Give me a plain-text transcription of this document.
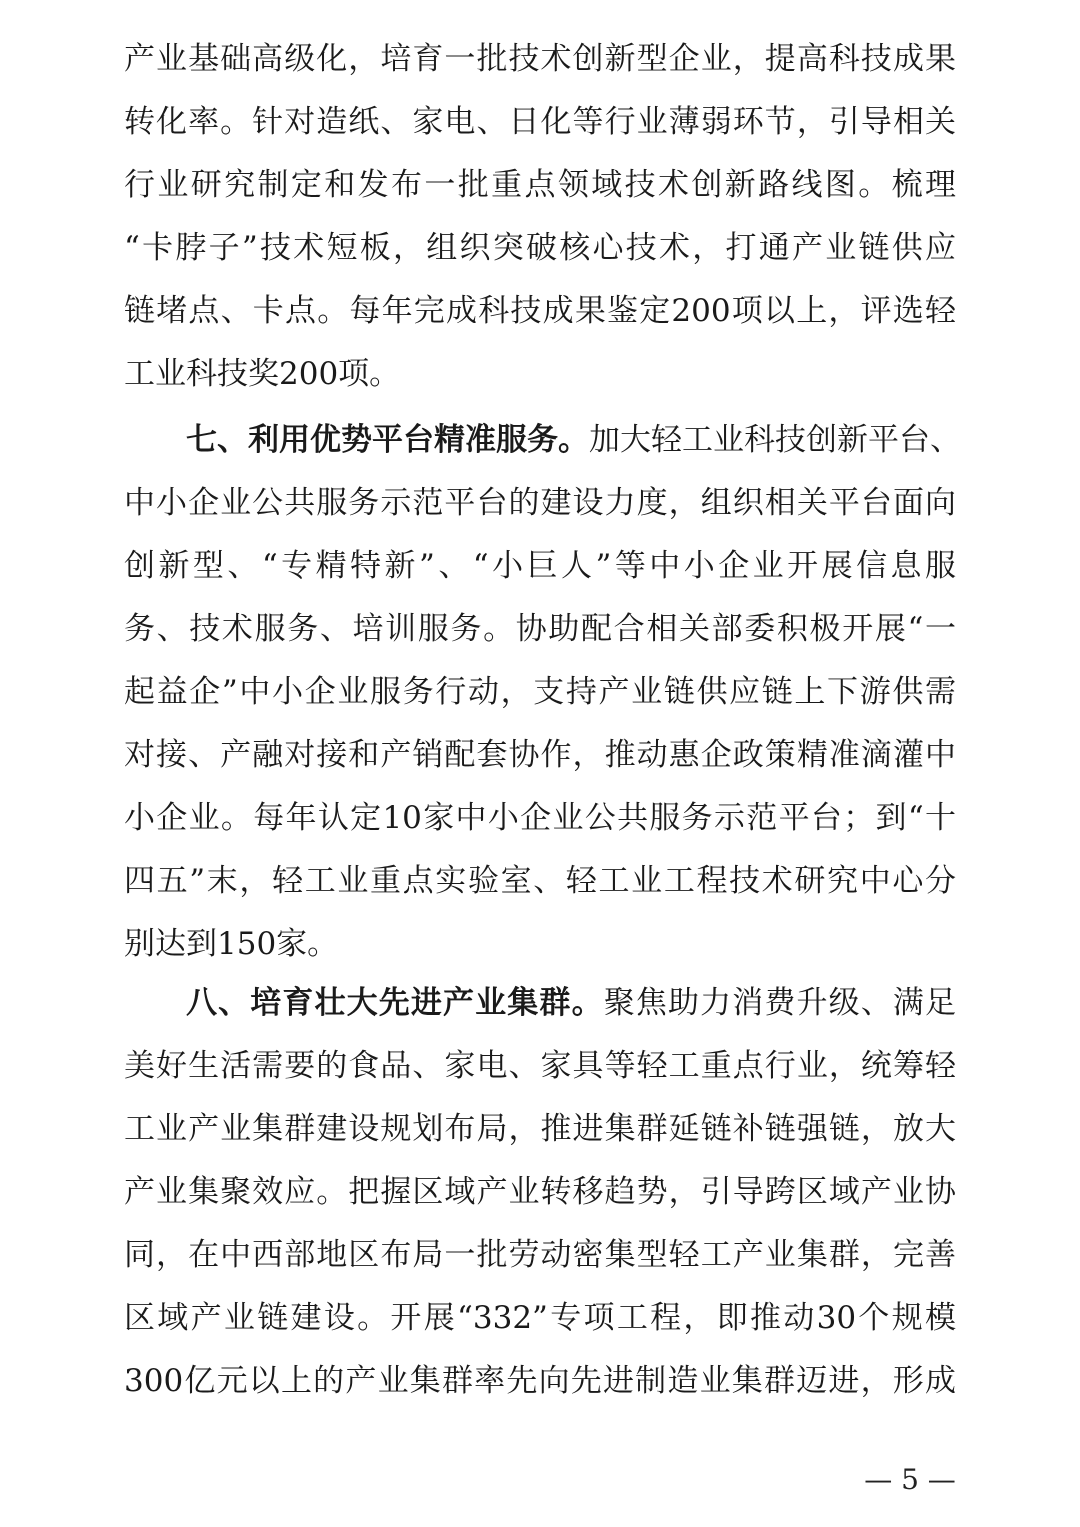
产业基础高级化，培育一批技术创新型企业，提高科技成果
转化率。针对造纸、家电、日化等行业薄弱环节，引导相关
行业研究制定和发布一批重点领域技术创新路线图。梳理
“卡脖子”技术短板，组织突破核心技术，打通产业链供应
链堵点、卡点。每年完成科技成果鉴定200项以上，评选轻
工业科技奖200项。
七、利用优势平台精准服务。加大轻工业科技创新平台、
中小企业公共服务示范平台的建设力度，组织相关平台面向
创新型、“专精特新”、“小巨人”等中小企业开展信息服
务、技术服务、培训服务。协助配合相关部委积极开展“一
起益企”中小企业服务行动，支持产业链供应链上下游供需
对接、产融对接和产销配套协作，推动惠企政策精准滴灌中
小企业。每年认定10家中小企业公共服务示范平台；到“十
四五”末，轻工业重点实验室、轻工业工程技术研究中心分
别达到150家。
八、培育壮大先进产业集群。聚焦助力消费升级、满足
美好生活需要的食品、家电、家具等轻工重点行业，统筹轻
工业产业集群建设规划布局，推进集群延链补链强链，放大
产业集聚效应。把握区域产业转移趋势，引导跨区域产业协
同，在中西部地区布局一批劳动密集型轻工产业集群，完善
区域产业链建设。开展“332”专项工程，即推动30个规模
300亿元以上的产业集群率先向先进制造业集群迈进，形成
— 5 —
